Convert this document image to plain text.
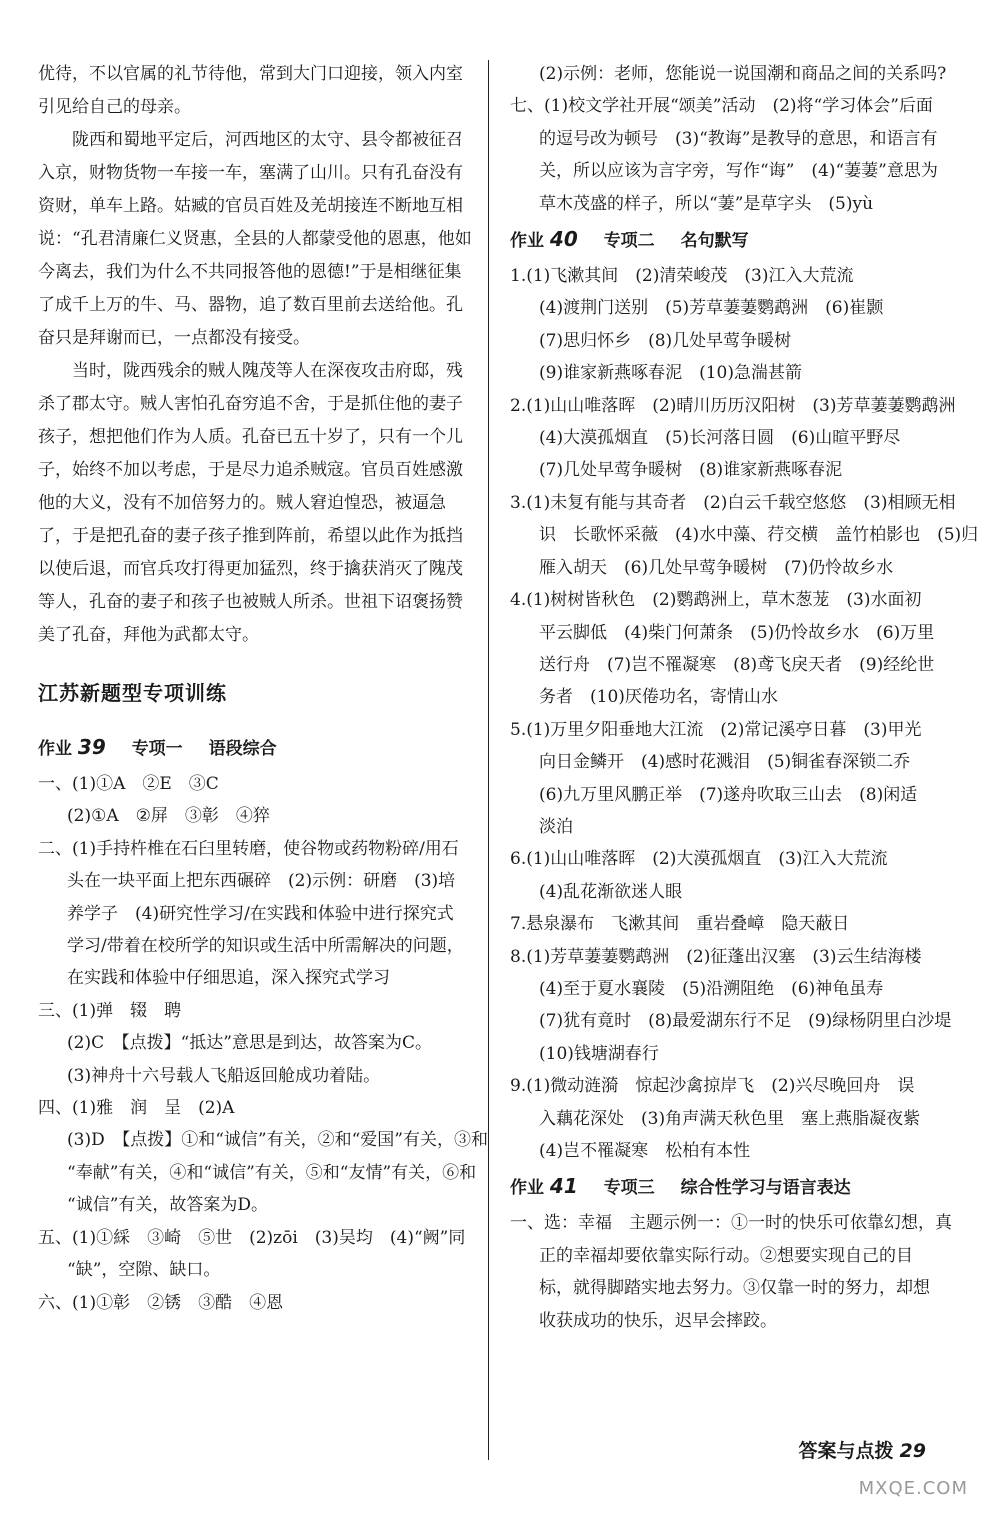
优待，不以官属的礼节待他，常到大门口迎接，领入内室引见给自己的母亲。

陇西和蜀地平定后，河西地区的太守、县令都被征召入京，财物货物一车接一车，塞满了山川。只有孔奋没有资财，单车上路。姑臧的官员百姓及羌胡接连不断地互相说：“孔君清廉仁义贤惠，全县的人都蒙受他的恩惠，他如今离去，我们为什么不共同报答他的恩德!”于是相继征集了成千上万的牛、马、器物，追了数百里前去送给他。孔奋只是拜谢而已，一点都没有接受。

当时，陇西残余的贼人隗茂等人在深夜攻击府邸，残杀了郡太守。贼人害怕孔奋穷追不舍，于是抓住他的妻子孩子，想把他们作为人质。孔奋已五十岁了，只有一个儿子，始终不加以考虑，于是尽力追杀贼寇。官员百姓感激他的大义，没有不加倍努力的。贼人窘迫惶恐，被逼急了，于是把孔奋的妻子孩子推到阵前，希望以此作为抵挡以使后退，而官兵攻打得更加猛烈，终于擒获消灭了隗茂等人，孔奋的妻子和孩子也被贼人所杀。世祖下诏褒扬赞美了孔奋，拜他为武都太守。

江苏新题型专项训练
作业 39 专项一 语段综合
一、(1)①A　②E　③C
(2)①A　②屏　③彰　④猝
二、(1)手持杵椎在石臼里转磨，使谷物或药物粉碎/用石
头在一块平面上把东西碾碎　(2)示例：研磨　(3)培
养学子　(4)研究性学习/在实践和体验中进行探究式
学习/带着在校所学的知识或生活中所需解决的问题，
在实践和体验中仔细思追，深入探究式学习
三、(1)弹　辍　聘
(2)C　【点拨】“抵达”意思是到达，故答案为C。
(3)神舟十六号载人飞船返回舱成功着陆。
四、(1)雅　润　呈　(2)A
(3)D　【点拨】①和“诚信”有关，②和“爱国”有关，③和
“奉献”有关，④和“诚信”有关，⑤和“友情”有关，⑥和
“诚信”有关，故答案为D。
五、(1)①綵　③崎　⑤世　(2)zōi　(3)吴均　(4)“阙”同
“缺”，空隙、缺口。
六、(1)①彰　②锈　③酷　④恩
(2)示例：老师，您能说一说国潮和商品之间的关系吗?
七、(1)校文学社开展“颂美”活动　(2)将“学习体会”后面
的逗号改为顿号　(3)“教诲”是教导的意思，和语言有
关，所以应该为言字旁，写作“诲”　(4)“萋萋”意思为
草木茂盛的样子，所以“萋”是草字头　(5)yù
作业 40 专项二 名句默写
1.(1)飞漱其间　(2)清荣峻茂　(3)江入大荒流
(4)渡荆门送别　(5)芳草萋萋鹦鹉洲　(6)崔颢
(7)思归怀乡　(8)几处早莺争暖树
(9)谁家新燕啄春泥　(10)急湍甚箭
2.(1)山山唯落晖　(2)晴川历历汉阳树　(3)芳草萋萋鹦鹉洲
(4)大漠孤烟直　(5)长河落日圆　(6)山暄平野尽
(7)几处早莺争暖树　(8)谁家新燕啄春泥
3.(1)未复有能与其奇者　(2)白云千载空悠悠　(3)相顾无相
识　长歌怀采薇　(4)水中藻、荇交横　盖竹柏影也　(5)归
雁入胡天　(6)几处早莺争暖树　(7)仍怜故乡水
4.(1)树树皆秋色　(2)鹦鹉洲上，草木葱茏　(3)水面初
平云脚低　(4)柴门何萧条　(5)仍怜故乡水　(6)万里
送行舟　(7)岂不罹凝寒　(8)鸢飞戾天者　(9)经纶世
务者　(10)厌倦功名，寄情山水
5.(1)万里夕阳垂地大江流　(2)常记溪亭日暮　(3)甲光
向日金鳞开　(4)感时花溅泪　(5)铜雀春深锁二乔
(6)九万里风鹏正举　(7)遂舟吹取三山去　(8)闲适
淡泊
6.(1)山山唯落晖　(2)大漠孤烟直　(3)江入大荒流
(4)乱花渐欲迷人眼
7.悬泉瀑布　飞漱其间　重岩叠嶂　隐天蔽日
8.(1)芳草萋萋鹦鹉洲　(2)征蓬出汉塞　(3)云生结海楼
(4)至于夏水襄陵　(5)沿溯阻绝　(6)神龟虽寿
(7)犹有竟时　(8)最爱湖东行不足　(9)绿杨阴里白沙堤
(10)钱塘湖春行
9.(1)微动涟漪　惊起沙禽掠岸飞　(2)兴尽晚回舟　误
入藕花深处　(3)角声满天秋色里　塞上燕脂凝夜紫
(4)岂不罹凝寒　松柏有本性
作业 41 专项三 综合性学习与语言表达
一、选：幸福　主题示例一：①一时的快乐可依靠幻想，真
正的幸福却要依靠实际行动。②想要实现自己的目
标，就得脚踏实地去努力。③仅靠一时的努力，却想
收获成功的快乐，迟早会摔跤。
答案与点拨 29
MXQE.COM
